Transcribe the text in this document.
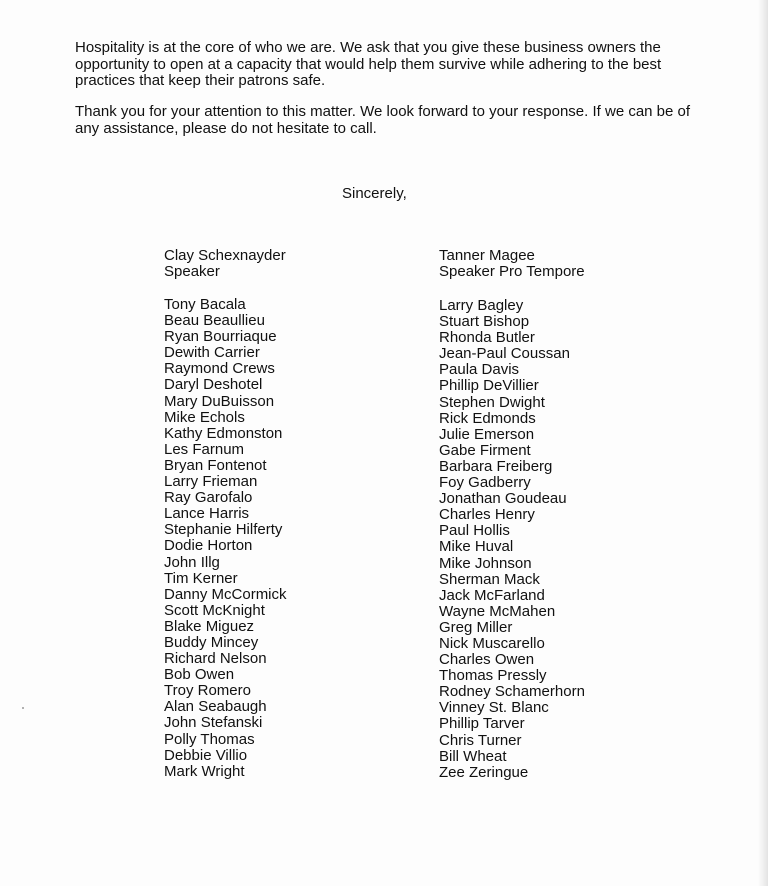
Hospitality is at the core of who we are. We ask that you give these business owners the opportunity to open at a capacity that would help them survive while adhering to the best practices that keep their patrons safe.

Thank you for your attention to this matter. We look forward to your response. If we can be of any assistance, please do not hesitate to call.

Sincerely,

Clay Schexnayder
Speaker
Tanner Magee
Speaker Pro Tempore
Tony Bacala
Beau Beaullieu
Ryan Bourriaque
Dewith Carrier
Raymond Crews
Daryl Deshotel
Mary DuBuisson
Mike Echols
Kathy Edmonston
Les Farnum
Bryan Fontenot
Larry Frieman
Ray Garofalo
Lance Harris
Stephanie Hilferty
Dodie Horton
John Illg
Tim Kerner
Danny McCormick
Scott McKnight
Blake Miguez
Buddy Mincey
Richard Nelson
Bob Owen
Troy Romero
Alan Seabaugh
John Stefanski
Polly Thomas
Debbie Villio
Mark Wright
Larry Bagley
Stuart Bishop
Rhonda Butler
Jean-Paul Coussan
Paula Davis
Phillip DeVillier
Stephen Dwight
Rick Edmonds
Julie Emerson
Gabe Firment
Barbara Freiberg
Foy Gadberry
Jonathan Goudeau
Charles Henry
Paul Hollis
Mike Huval
Mike Johnson
Sherman Mack
Jack McFarland
Wayne McMahen
Greg Miller
Nick Muscarello
Charles Owen
Thomas Pressly
Rodney Schamerhorn
Vinney St. Blanc
Phillip Tarver
Chris Turner
Bill Wheat
Zee Zeringue
